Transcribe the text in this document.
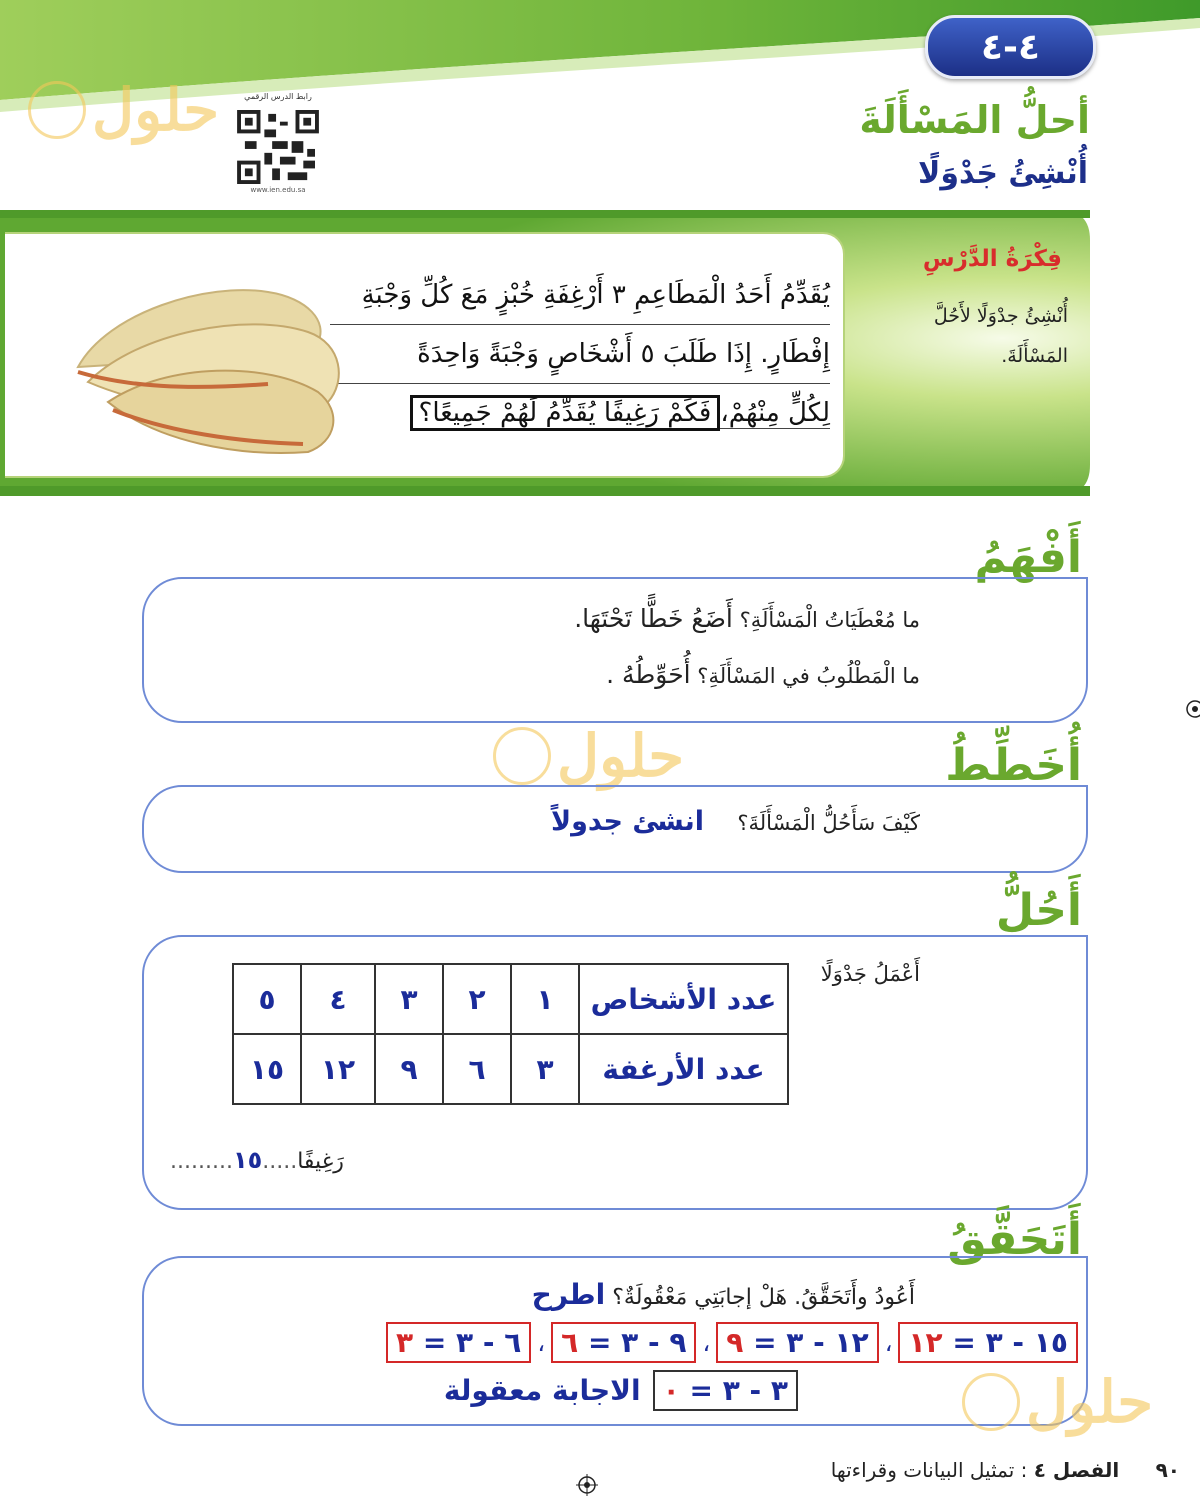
٤-٤
أحلُّ المَسْأَلَةَ
أُنْشِئُ جَدْوَلًا
رابط الدرس الرقمي
www.ien.edu.sa
حلول
فِكْرَةُ الدَّرْسِ
أُنْشِئُ جدْوَلًا لأَحُلَّ المَسْأَلَةَ.
يُقَدِّمُ أَحَدُ الْمَطَاعِمِ ٣ أَرْغِفَةِ خُبْزٍ مَعَ كُلِّ وَجْبَةِ
إِفْطَارٍ. إِذَا طَلَبَ ٥ أَشْخَاصٍ وَجْبَةً وَاحِدَةً
لِكُلٍّ مِنْهُمْ،فَكَمْ رَغِيفًا يُقَدِّمُ لَهُمْ جَمِيعًا؟
أَفْهَمُ
ما مُعْطَيَاتُ الْمَسْأَلَةِ؟ أَضَعُ خَطًّا تَحْتَهَا.
ما الْمَطْلُوبُ في المَسْأَلَةِ؟ أُحَوِّطُهُ .
حلول	أُخَطِّطُ
كَيْفَ سَأَحُلُّ الْمَسْأَلَةَ؟     انشئ جدولاً
أَحُلُّ
أَعْمَلُ جَدْوَلًا
عدد الأشخاص	١	٢	٣	٤	٥
عدد الأرغفة	٣	٦	٩	١٢	١٥
رَغِيفًا.....١٥.........
أَتَحَقَّقُ
أَعُودُ وأَتَحَقَّقُ. هَلْ إجابَتِي مَعْقُولَةٌ؟ اطرح
١٥ - ٣ = ١٢
،
١٢ - ٣ = ٩
،
٩ - ٣ = ٦
،
٦ - ٣ = ٣
٣ - ٣ = ٠
الاجابة معقولة	حلول
٩٠ الفصل ٤ : تمثيل البيانات وقراءتها
